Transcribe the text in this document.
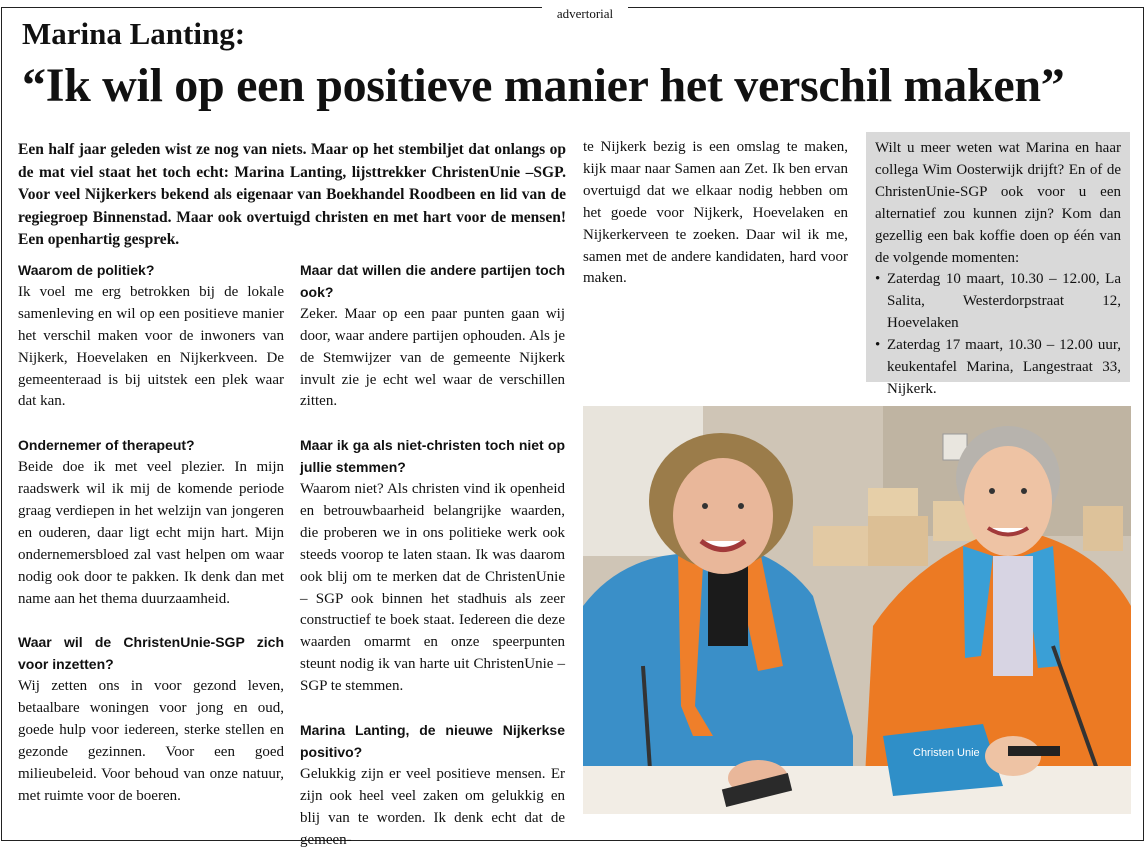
advertorial
Marina Lanting:
“Ik wil op een positieve manier het verschil maken”
Een half jaar geleden wist ze nog van niets. Maar op het stembiljet dat onlangs op de mat viel staat het toch echt: Marina Lanting, lijsttrekker ChristenUnie –SGP. Voor veel Nijkerkers bekend als eigenaar van Boekhandel Roodbeen en lid van de regiegroep Binnenstad. Maar ook overtuigd christen en met hart voor de mensen! Een openhartig gesprek.
Waarom de politiek?
Ik voel me erg betrokken bij de lokale samenleving en wil op een positieve manier het verschil maken voor de inwoners van Nijkerk, Hoevelaken en Nijkerkveen. De gemeenteraad is bij uitstek een plek waar dat kan.
Ondernemer of therapeut?
Beide doe ik met veel plezier. In mijn raadswerk wil ik mij de komende periode graag verdiepen in het welzijn van jongeren en ouderen, daar ligt echt mijn hart. Mijn ondernemersbloed zal vast helpen om waar nodig ook door te pakken. Ik denk dan met name aan het thema duurzaamheid.
Waar wil de ChristenUnie-SGP zich voor inzetten?
Wij zetten ons in voor gezond leven, betaalbare woningen voor jong en oud, goede hulp voor iedereen, sterke stellen en gezonde gezinnen. Voor een goed milieubeleid. Voor behoud van onze natuur, met ruimte voor de boeren.
Maar dat willen die andere partijen toch ook?
Zeker. Maar op een paar punten gaan wij door, waar andere partijen ophouden. Als je de Stemwijzer van de gemeente Nijkerk invult zie je echt wel waar de verschillen zitten.
Maar ik ga als niet-christen toch niet op jullie stemmen?
Waarom niet? Als christen vind ik openheid en betrouwbaarheid belangrijke waarden, die proberen we in ons politieke werk ook steeds voorop te laten staan. Ik was daarom ook blij om te merken dat de ChristenUnie – SGP ook binnen het stadhuis als zeer constructief te boek staat. Iedereen die deze waarden omarmt en onze speerpunten steunt nodig ik van harte uit ChristenUnie – SGP te stemmen.
Marina Lanting, de nieuwe Nijkerkse positivo?
Gelukkig zijn er veel positieve mensen. Er zijn ook heel veel zaken om gelukkig en blij van te worden. Ik denk echt dat de gemeen-
te Nijkerk bezig is een omslag te maken, kijk maar naar Samen aan Zet. Ik ben ervan overtuigd dat we elkaar nodig hebben om het goede voor Nijkerk, Hoevelaken en Nijkerkerveen te zoeken. Daar wil ik me, samen met de andere kandidaten, hard voor maken.
Wilt u meer weten wat Marina en haar collega Wim Oosterwijk drijft? En of de ChristenUnie-SGP ook voor u een alternatief zou kunnen zijn? Kom dan gezellig een bak koffie doen op één van de volgende momenten:
• Zaterdag 10 maart, 10.30 – 12.00, La Salita, Westerdorpstraat 12, Hoevelaken
• Zaterdag 17 maart, 10.30 – 12.00 uur, keukentafel Marina, Langestraat 33, Nijkerk.
Christen Unie
